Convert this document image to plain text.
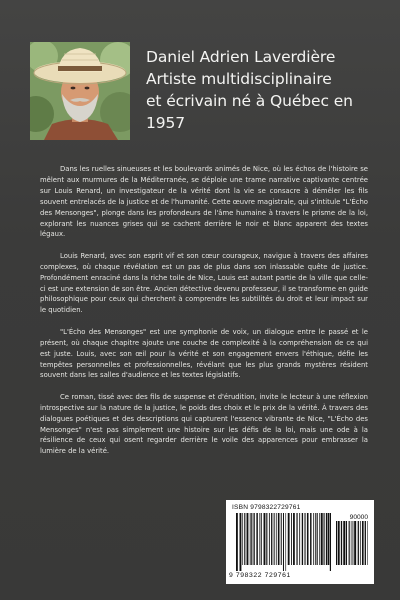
Daniel Adrien Laverdière
Artiste multidisciplinaire
et écrivain né à Québec en
1957

Dans les ruelles sinueuses et les boulevards animés de Nice, où les échos de l'histoire se mêlent aux murmures de la Méditerranée, se déploie une trame narrative captivante centrée sur Louis Renard, un investigateur de la vérité dont la vie se consacre à démêler les fils souvent entrelacés de la justice et de l'humanité. Cette œuvre magistrale, qui s'intitule "L'Écho des Mensonges", plonge dans les profondeurs de l'âme humaine à travers le prisme de la loi, explorant les nuances grises qui se cachent derrière le noir et blanc apparent des textes légaux.

Louis Renard, avec son esprit vif et son cœur courageux, navigue à travers des affaires complexes, où chaque révélation est un pas de plus dans son inlassable quête de justice. Profondément enraciné dans la riche toile de Nice, Louis est autant partie de la ville que celle-ci est une extension de son être. Ancien détective devenu professeur, il se transforme en guide philosophique pour ceux qui cherchent à comprendre les subtilités du droit et leur impact sur le quotidien.

"L'Écho des Mensonges" est une symphonie de voix, un dialogue entre le passé et le présent, où chaque chapitre ajoute une couche de complexité à la compréhension de ce qui est juste. Louis, avec son œil pour la vérité et son engagement envers l'éthique, défie les tempêtes personnelles et professionnelles, révélant que les plus grands mystères résident souvent dans les salles d'audience et les textes législatifs.

Ce roman, tissé avec des fils de suspense et d'érudition, invite le lecteur à une réflexion introspective sur la nature de la justice, le poids des choix et le prix de la vérité. À travers des dialogues poétiques et des descriptions qui capturent l'essence vibrante de Nice, "L'Écho des Mensonges" n'est pas simplement une histoire sur les défis de la loi, mais une ode à la résilience de ceux qui osent regarder derrière le voile des apparences pour embrasser la lumière de la vérité.

ISBN 9798322729761
90000
9 798322 729761
